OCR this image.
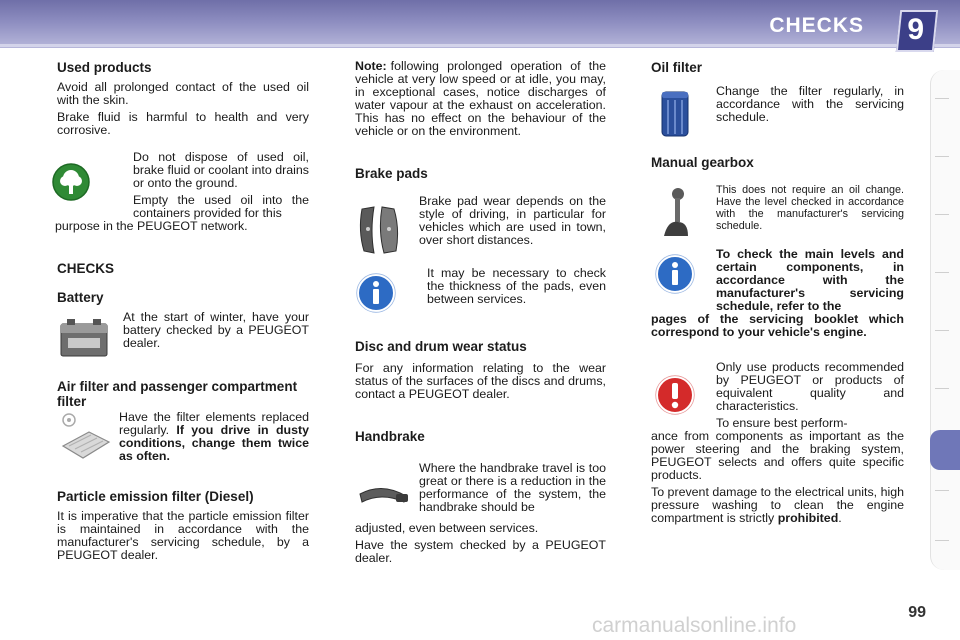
CHECKS 9
Used products

Avoid all prolonged contact of the used oil with the skin.

Brake fluid is harmful to health and very corrosive.

Do not dispose of used oil, brake fluid or coolant into drains or onto the ground.

Empty the used oil into the containers provided for this

purpose in the PEUGEOT network.

CHECKS
Battery

At the start of winter, have your battery checked by a PEUGEOT dealer.

Air filter and passenger compartment filter

Have the filter elements replaced regularly. If you drive in dusty conditions, change them twice as often.

Particle emission filter (Diesel)

It is imperative that the particle emission filter is maintained in accordance with the manufacturer's servicing schedule, by a PEUGEOT dealer.

Note: following prolonged operation of the vehicle at very low speed or at idle, you may, in exceptional cases, notice discharges of water vapour at the exhaust on acceleration. This has no effect on the behaviour of the vehicle or on the environment.

Brake pads

Brake pad wear depends on the style of driving, in particular for vehicles which are used in town, over short distances.

It may be necessary to check the thickness of the pads, even between services.

Disc and drum wear status

For any information relating to the wear status of the surfaces of the discs and drums, contact a PEUGEOT dealer.

Handbrake

Where the handbrake travel is too great or there is a reduction in the performance of the system, the handbrake should be

adjusted, even between services.

Have the system checked by a PEUGEOT dealer.

Oil filter

Change the filter regularly, in accordance with the servicing schedule.

Manual gearbox

This does not require an oil change. Have the level checked in accordance with the manufacturer's servicing schedule.

To check the main levels and certain components, in accordance with the manufacturer's servicing schedule, refer to the

pages of the servicing booklet which correspond to your vehicle's engine.

Only use products recommended by PEUGEOT or products of equivalent quality and characteristics.

To ensure best perform-

ance from components as important as the power steering and the braking system, PEUGEOT selects and offers quite specific products.

To prevent damage to the electrical units, high pressure washing to clean the engine compartment is strictly prohibited.

99
carmanualsonline.info
